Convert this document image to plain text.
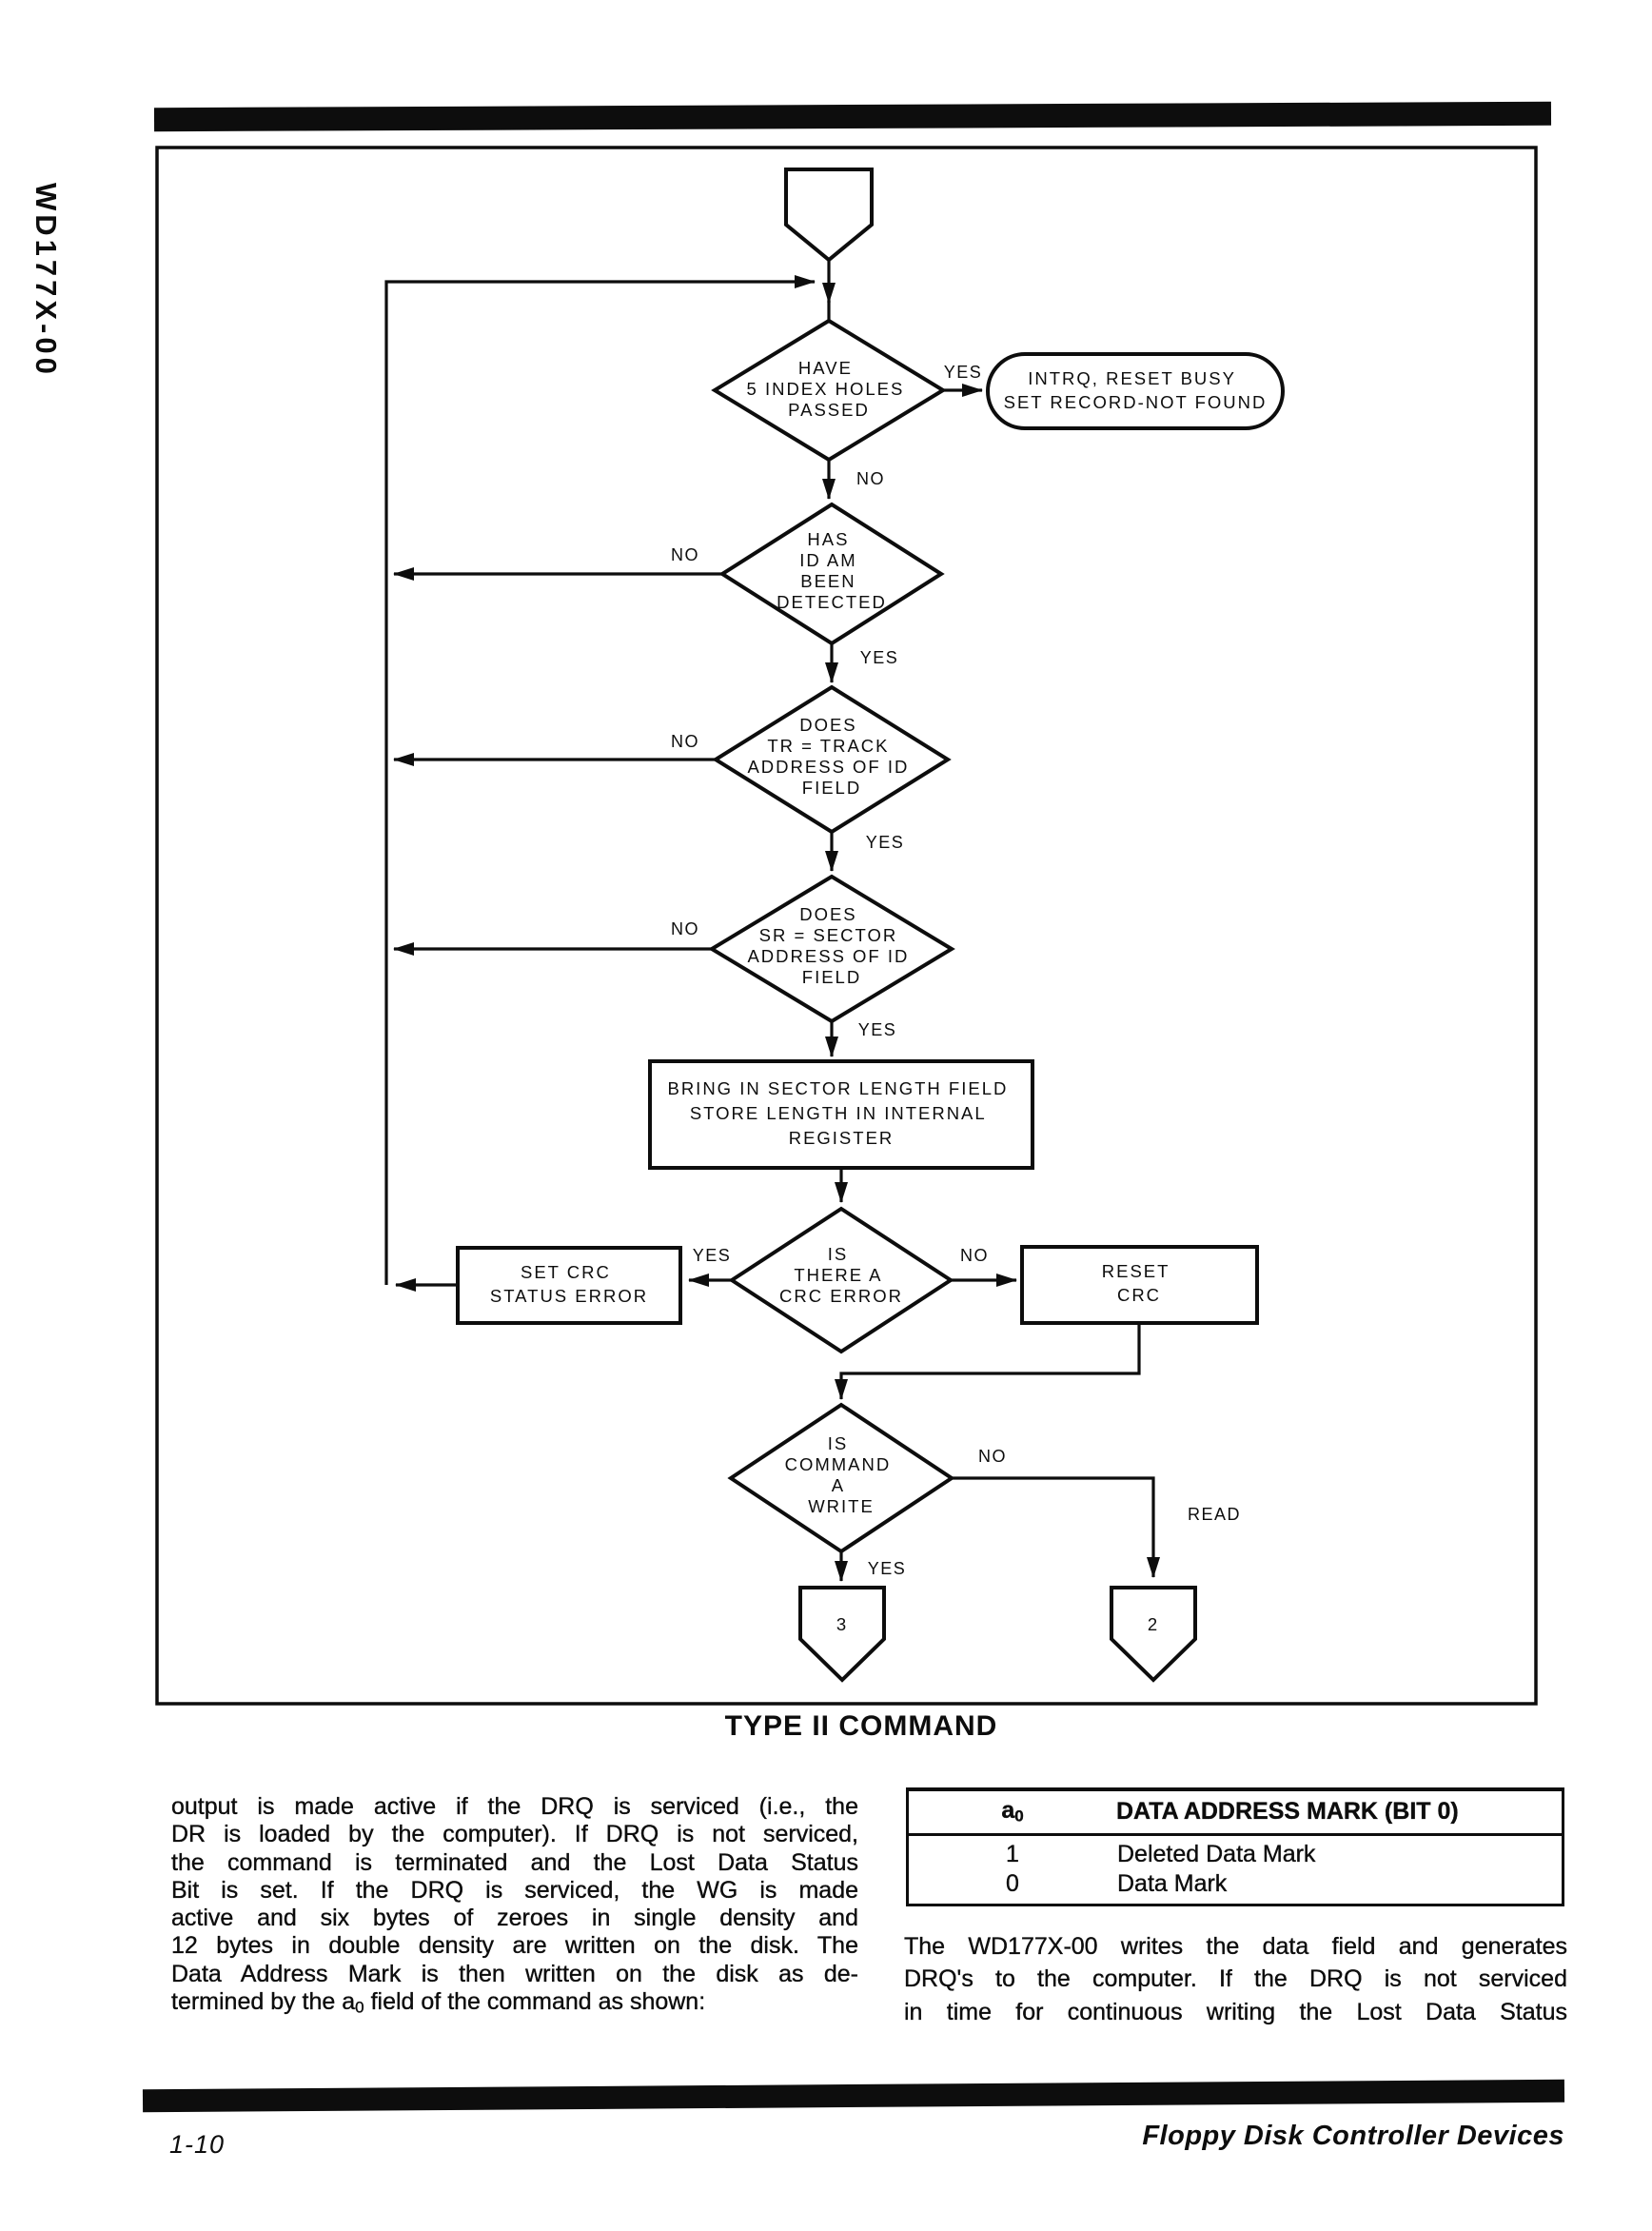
WD177X-00	HAVE 5 INDEX HOLES PASSED
INTRQ, RESET BUSY SET RECORD-NOT FOUND
HAS ID AM BEEN DETECTED
DOES TR = TRACK ADDRESS OF ID FIELD
DOES SR = SECTOR ADDRESS OF ID FIELD
BRING IN SECTOR LENGTH FIELD STORE LENGTH IN INTERNAL REGISTER
IS THERE A CRC ERROR
SET CRC STATUS ERROR
RESET CRC
IS COMMAND A WRITE
3	2
YES
NO
NO
YES
NO
YES
NO
YES
YES	NO
NO
READ
YES
TYPE II COMMAND
output is made active if the DRQ is serviced (i.e., the
DR is loaded by the computer). If DRQ is not serviced,
the command is terminated and the Lost Data Status
Bit is set. If the DRQ is serviced, the WG is made
active and six bytes of zeroes in single density and
12 bytes in double density are written on the disk. The
Data Address Mark is then written on the disk as de-
termined by the $a_0$ field of the command as shown:
$a_0$	DATA ADDRESS MARK (BIT 0)
1	Deleted Data Mark
0	Data Mark
The WD177X-00 writes the data field and generates
DRQ's to the computer. If the DRQ is not serviced
in time for continuous writing the Lost Data Status
1-10	Floppy Disk Controller Devices
